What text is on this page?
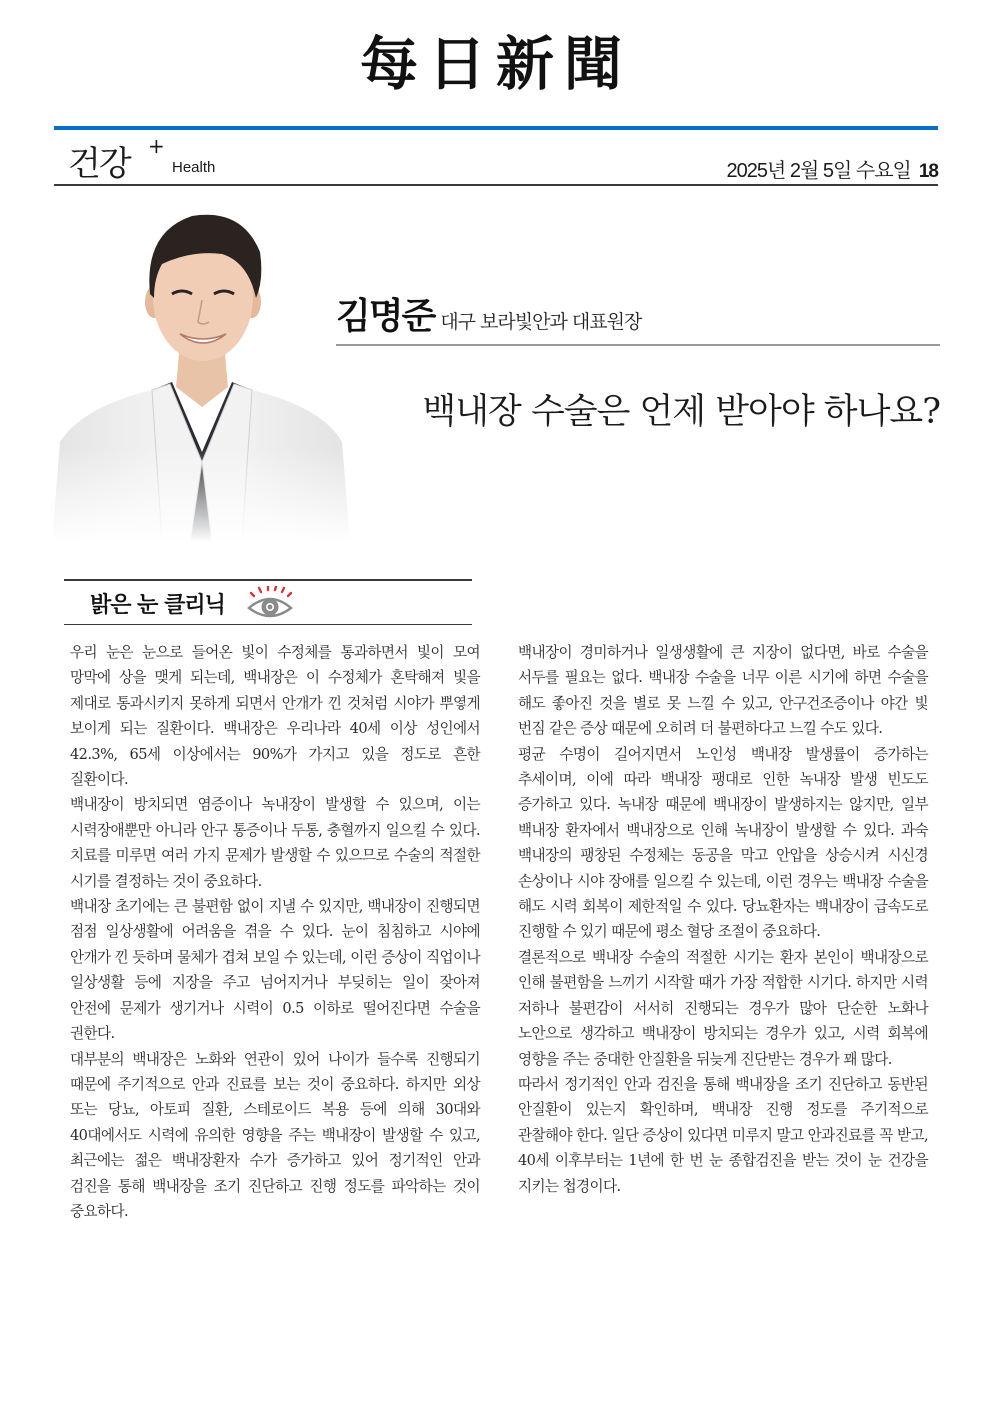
每日新聞
건강 +
Health	2025년 2월 5일 수요일 18
김명준 대구 보라빛안과 대표원장
백내장 수술은 언제 받아야 하나요?
밝은 눈 클리닉

우리 눈은 눈으로 들어온 빛이 수정체를 통과하면서 빛이 모여 망막에 상을 맺게 되는데, 백내장은 이 수정체가 혼탁해져 빛을 제대로 통과시키지 못하게 되면서 안개가 낀 것처럼 시야가 뿌옇게 보이게 되는 질환이다. 백내장은 우리나라 40세 이상 성인에서 42.3%, 65세 이상에서는 90%가 가지고 있을 정도로 흔한 질환이다.

백내장이 방치되면 염증이나 녹내장이 발생할 수 있으며, 이는 시력장애뿐만 아니라 안구 통증이나 두통, 충혈까지 일으킬 수 있다. 치료를 미루면 여러 가지 문제가 발생할 수 있으므로 수술의 적절한 시기를 결정하는 것이 중요하다.

백내장 초기에는 큰 불편함 없이 지낼 수 있지만, 백내장이 진행되면 점점 일상생활에 어려움을 겪을 수 있다. 눈이 침침하고 시야에 안개가 낀 듯하며 물체가 겹쳐 보일 수 있는데, 이런 증상이 직업이나 일상생활 등에 지장을 주고 넘어지거나 부딪히는 일이 잦아져 안전에 문제가 생기거나 시력이 0.5 이하로 떨어진다면 수술을 권한다.

대부분의 백내장은 노화와 연관이 있어 나이가 들수록 진행되기 때문에 주기적으로 안과 진료를 보는 것이 중요하다. 하지만 외상 또는 당뇨, 아토피 질환, 스테로이드 복용 등에 의해 30대와 40대에서도 시력에 유의한 영향을 주는 백내장이 발생할 수 있고, 최근에는 젊은 백내장환자 수가 증가하고 있어 정기적인 안과 검진을 통해 백내장을 조기 진단하고 진행 정도를 파악하는 것이 중요하다.

백내장이 경미하거나 일생생활에 큰 지장이 없다면, 바로 수술을 서두를 필요는 없다. 백내장 수술을 너무 이른 시기에 하면 수술을 해도 좋아진 것을 별로 못 느낄 수 있고, 안구건조증이나 야간 빛 번짐 같은 증상 때문에 오히려 더 불편하다고 느낄 수도 있다.

평균 수명이 길어지면서 노인성 백내장 발생률이 증가하는 추세이며, 이에 따라 백내장 팽대로 인한 녹내장 발생 빈도도 증가하고 있다. 녹내장 때문에 백내장이 발생하지는 않지만, 일부 백내장 환자에서 백내장으로 인해 녹내장이 발생할 수 있다. 과숙 백내장의 팽창된 수정체는 동공을 막고 안압을 상승시켜 시신경 손상이나 시야 장애를 일으킬 수 있는데, 이런 경우는 백내장 수술을 해도 시력 회복이 제한적일 수 있다. 당뇨환자는 백내장이 급속도로 진행할 수 있기 때문에 평소 혈당 조절이 중요하다.

결론적으로 백내장 수술의 적절한 시기는 환자 본인이 백내장으로 인해 불편함을 느끼기 시작할 때가 가장 적합한 시기다. 하지만 시력 저하나 불편감이 서서히 진행되는 경우가 많아 단순한 노화나 노안으로 생각하고 백내장이 방치되는 경우가 있고, 시력 회복에 영향을 주는 중대한 안질환을 뒤늦게 진단받는 경우가 꽤 많다.

따라서 정기적인 안과 검진을 통해 백내장을 조기 진단하고 동반된 안질환이 있는지 확인하며, 백내장 진행 정도를 주기적으로 관찰해야 한다. 일단 증상이 있다면 미루지 말고 안과진료를 꼭 받고, 40세 이후부터는 1년에 한 번 눈 종합검진을 받는 것이 눈 건강을 지키는 첩경이다.
